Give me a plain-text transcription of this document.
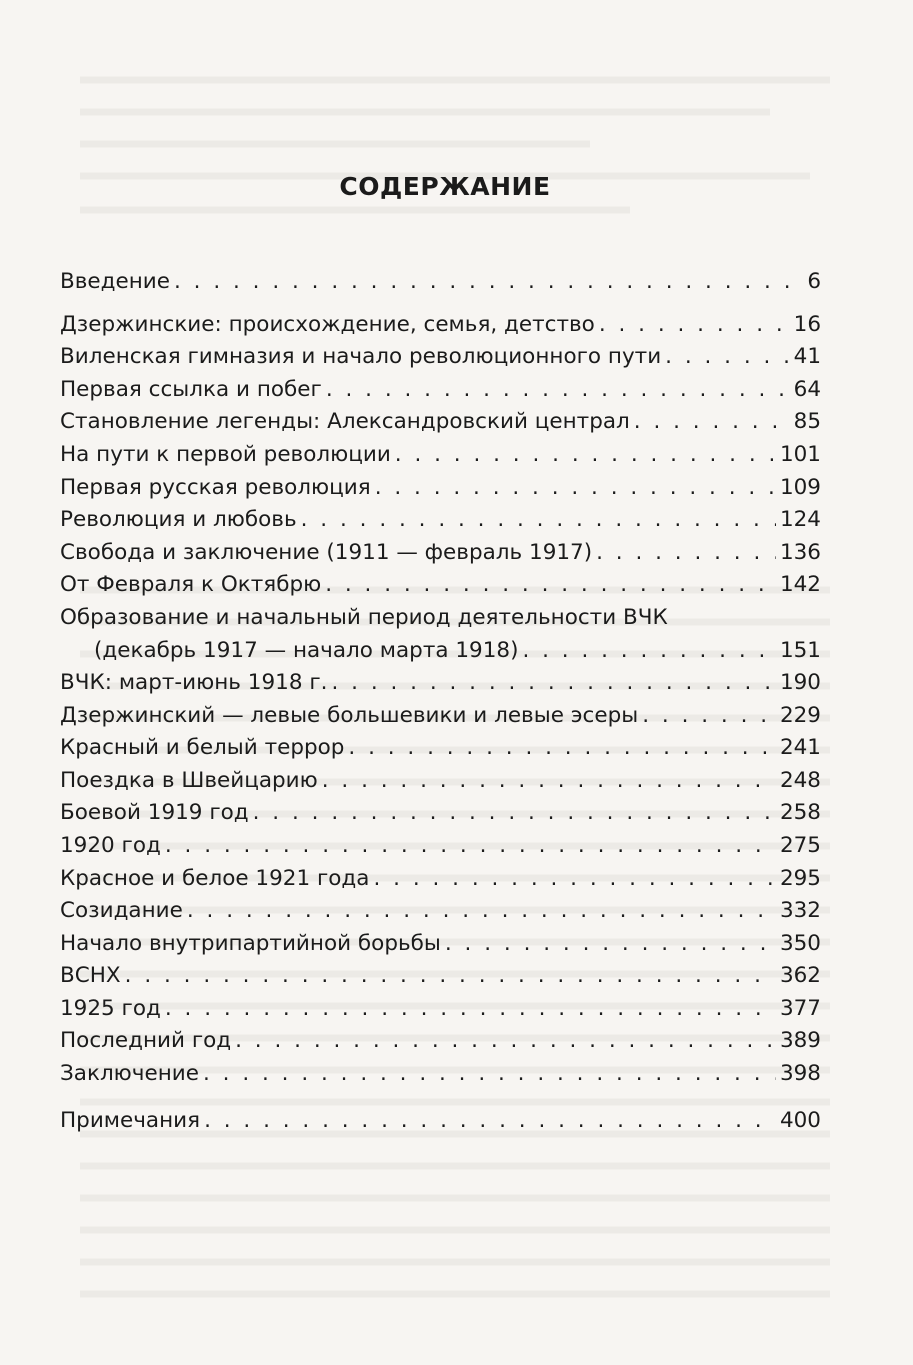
СОДЕРЖАНИЕ
Введение . . .	6
Дзержинские: происхождение, семья, детство . . .	16
Виленская гимназия и начало революционного пути . . .	41
Первая ссылка и побег . . .	64
Становление легенды: Александровский централ . . .	85
На пути к первой революции . . .	101
Первая русская революция . . .	109
Революция и любовь . . .	124
Свобода и заключение (1911 — февраль 1917) . . .	136
От Февраля к Октябрю . . .	142
Образование и начальный период деятельности ВЧК
(декабрь 1917 — начало марта 1918) . . .	151
ВЧК: март-июнь 1918 г. . . .	190
Дзержинский — левые большевики и левые эсеры . . .	229
Красный и белый террор . . .	241
Поездка в Швейцарию . . .	248
Боевой 1919 год . . .	258
1920 год . . .	275
Красное и белое 1921 года . . .	295
Созидание . . .	332
Начало внутрипартийной борьбы . . .	350
ВСНХ . . .	362
1925 год . . .	377
Последний год . . .	389
Заключение . . .	398
Примечания . . .	400
